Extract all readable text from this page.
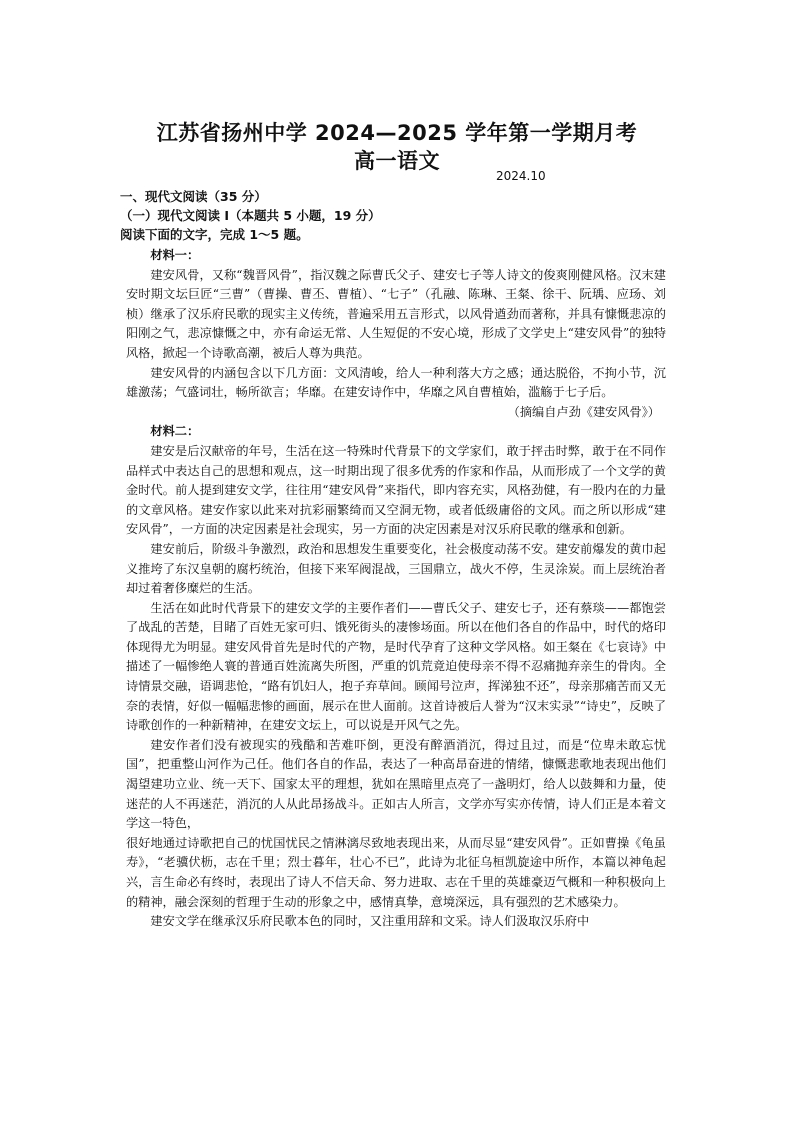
江苏省扬州中学 2024—2025 学年第一学期月考
高一语文
2024.10
一、现代文阅读（35 分）
（一）现代文阅读 Ⅰ（本题共 5 小题，19 分）
阅读下面的文字，完成 1～5 题。

材料一：

建安风骨，又称“魏晋风骨”，指汉魏之际曹氏父子、建安七子等人诗文的俊爽刚健风格。汉末建安时期文坛巨匠“三曹”（曹操、曹丕、曹植）、“七子”（孔融、陈琳、王粲、徐干、阮瑀、应玚、刘桢）继承了汉乐府民歌的现实主义传统，普遍采用五言形式，以风骨遒劲而著称，并具有慷慨悲凉的阳刚之气，悲凉慷慨之中，亦有命运无常、人生短促的不安心境，形成了文学史上“建安风骨”的独特风格，掀起一个诗歌高潮，被后人尊为典范。

建安风骨的内涵包含以下几方面：文风清峻，给人一种利落大方之感；通达脱俗，不拘小节，沉雄激荡；气盛词壮，畅所欲言；华靡。在建安诗作中，华靡之风自曹植始，滥觞于七子后。

（摘编自卢劲《建安风骨》）

材料二：

建安是后汉献帝的年号，生活在这一特殊时代背景下的文学家们，敢于抨击时弊，敢于在不同作品样式中表达自己的思想和观点，这一时期出现了很多优秀的作家和作品，从而形成了一个文学的黄金时代。前人提到建安文学，往往用“建安风骨”来指代，即内容充实，风格劲健，有一股内在的力量的文章风格。建安作家以此来对抗彩丽繁绮而又空洞无物，或者低级庸俗的文风。而之所以形成“建安风骨”，一方面的决定因素是社会现实，另一方面的决定因素是对汉乐府民歌的继承和创新。

建安前后，阶级斗争激烈，政治和思想发生重要变化，社会极度动荡不安。建安前爆发的黄巾起义推垮了东汉皇朝的腐朽统治，但接下来军阀混战，三国鼎立，战火不停，生灵涂炭。而上层统治者却过着奢侈糜烂的生活。

生活在如此时代背景下的建安文学的主要作者们——曹氏父子、建安七子，还有蔡琰——都饱尝了战乱的苦楚，目睹了百姓无家可归、饿死街头的凄惨场面。所以在他们各自的作品中，时代的烙印体现得尤为明显。建安风骨首先是时代的产物，是时代孕育了这种文学风格。如王粲在《七哀诗》中描述了一幅惨绝人寰的普通百姓流离失所图，严重的饥荒竟迫使母亲不得不忍痛抛弃亲生的骨肉。全诗情景交融，语调悲怆，“路有饥妇人，抱子弃草间。顾闻号泣声，挥涕独不还”，母亲那痛苦而又无奈的表情，好似一幅幅悲惨的画面，展示在世人面前。这首诗被后人誉为“汉末实录”“诗史”，反映了诗歌创作的一种新精神，在建安文坛上，可以说是开风气之先。

建安作者们没有被现实的残酷和苦难吓倒，更没有醉酒消沉，得过且过，而是“位卑未敢忘忧国”，把重整山河作为己任。他们各自的作品，表达了一种高昂奋进的情绪，慷慨悲歌地表现出他们渴望建功立业、统一天下、国家太平的理想，犹如在黑暗里点亮了一盏明灯，给人以鼓舞和力量，使迷茫的人不再迷茫，消沉的人从此昂扬战斗。正如古人所言，文学亦写实亦传情，诗人们正是本着文学这一特色，

很好地通过诗歌把自己的忧国忧民之情淋漓尽致地表现出来，从而尽显“建安风骨”。正如曹操《龟虽寿》，“老骥伏枥，志在千里；烈士暮年，壮心不已”，此诗为北征乌桓凯旋途中所作，本篇以神龟起兴，言生命必有终时，表现出了诗人不信天命、努力进取、志在千里的英雄豪迈气概和一种积极向上的精神，融会深刻的哲理于生动的形象之中，感情真挚，意境深远，具有强烈的艺术感染力。

建安文学在继承汉乐府民歌本色的同时，又注重用辞和文采。诗人们汲取汉乐府中
